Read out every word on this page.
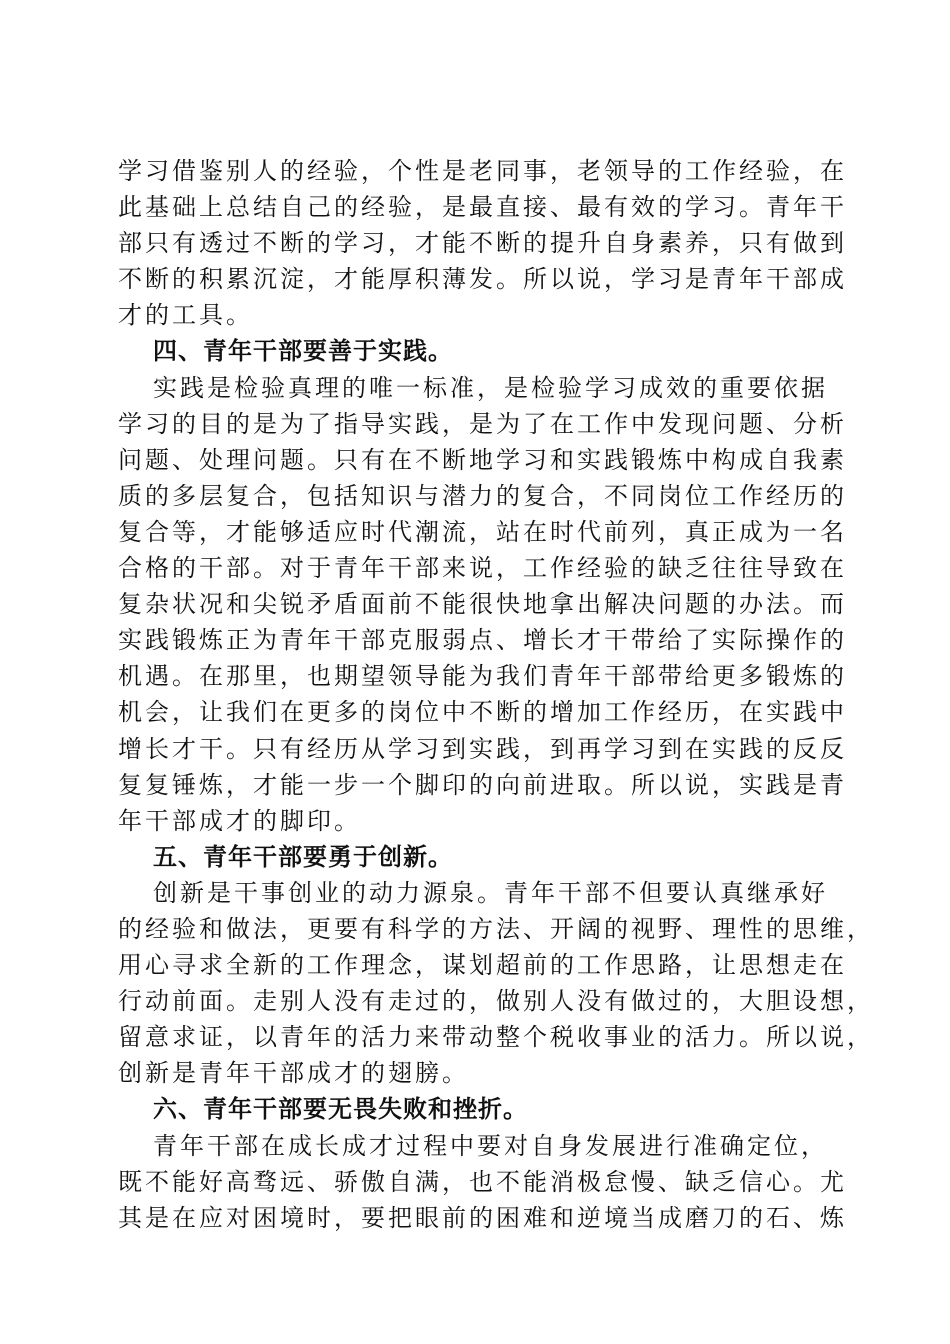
学习借鉴别人的经验，个性是老同事，老领导的工作经验，在
此基础上总结自己的经验，是最直接、最有效的学习。青年干
部只有透过不断的学习，才能不断的提升自身素养，只有做到
不断的积累沉淀，才能厚积薄发。所以说，学习是青年干部成
才的工具。
四、青年干部要善于实践。
实践是检验真理的唯一标准，是检验学习成效的重要依据
学习的目的是为了指导实践，是为了在工作中发现问题、分析
问题、处理问题。只有在不断地学习和实践锻炼中构成自我素
质的多层复合，包括知识与潜力的复合，不同岗位工作经历的
复合等，才能够适应时代潮流，站在时代前列，真正成为一名
合格的干部。对于青年干部来说，工作经验的缺乏往往导致在
复杂状况和尖锐矛盾面前不能很快地拿出解决问题的办法。而
实践锻炼正为青年干部克服弱点、增长才干带给了实际操作的
机遇。在那里，也期望领导能为我们青年干部带给更多锻炼的
机会，让我们在更多的岗位中不断的增加工作经历，在实践中
增长才干。只有经历从学习到实践，到再学习到在实践的反反
复复锤炼，才能一步一个脚印的向前进取。所以说，实践是青
年干部成才的脚印。
五、青年干部要勇于创新。
创新是干事创业的动力源泉。青年干部不但要认真继承好
的经验和做法，更要有科学的方法、开阔的视野、理性的思维，
用心寻求全新的工作理念，谋划超前的工作思路，让思想走在
行动前面。走别人没有走过的，做别人没有做过的，大胆设想，
留意求证，以青年的活力来带动整个税收事业的活力。所以说，
创新是青年干部成才的翅膀。
六、青年干部要无畏失败和挫折。
青年干部在成长成才过程中要对自身发展进行准确定位，
既不能好高骛远、骄傲自满，也不能消极怠慢、缺乏信心。尤
其是在应对困境时，要把眼前的困难和逆境当成磨刀的石、炼
